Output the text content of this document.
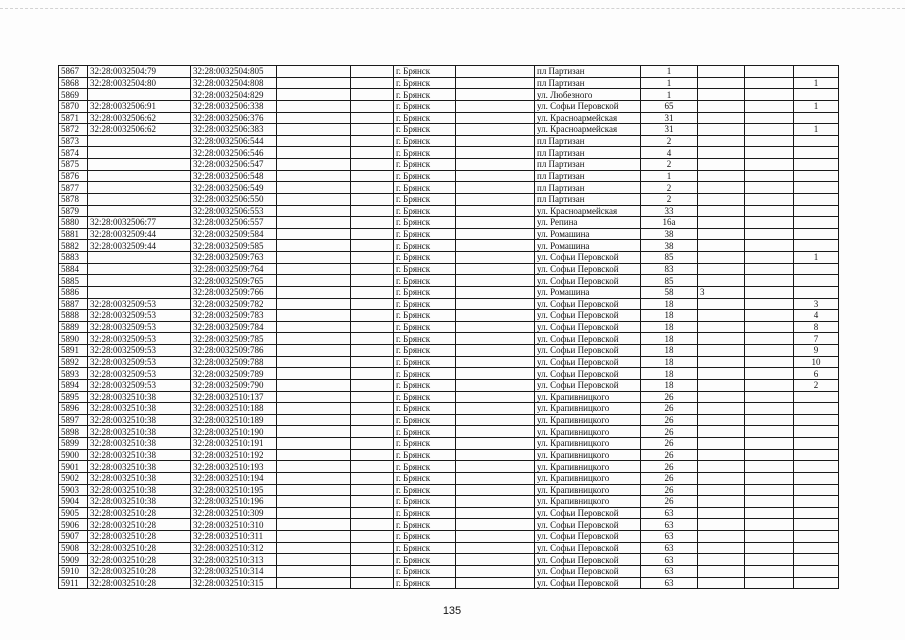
5867	32:28:0032504:79	32:28:0032504:805			г. Брянск		пл Партизан	1			
5868	32:28:0032504:80	32:28:0032504:808			г. Брянск		пл Партизан	1			1
5869		32:28:0032504:829			г. Брянск		ул. Любезного	1			
5870	32:28:0032506:91	32:28:0032506:338			г. Брянск		ул. Софьи Перовской	65			1
5871	32:28:0032506:62	32:28:0032506:376			г. Брянск		ул. Красноармейская	31			
5872	32:28:0032506:62	32:28:0032506:383			г. Брянск		ул. Красноармейская	31			1
5873		32:28:0032506:544			г. Брянск		пл Партизан	2			
5874		32:28:0032506:546			г. Брянск		пл Партизан	4			
5875		32:28:0032506:547			г. Брянск		пл Партизан	2			
5876		32:28:0032506:548			г. Брянск		пл Партизан	1			
5877		32:28:0032506:549			г. Брянск		пл Партизан	2			
5878		32:28:0032506:550			г. Брянск		пл Партизан	2			
5879		32:28:0032506:553			г. Брянск		ул. Красноармейская	33			
5880	32:28:0032506:77	32:28:0032506:557			г. Брянск		ул. Репина	16а			
5881	32:28:0032509:44	32:28:0032509:584			г. Брянск		ул. Ромашина	38			
5882	32:28:0032509:44	32:28:0032509:585			г. Брянск		ул. Ромашина	38			
5883		32:28:0032509:763			г. Брянск		ул. Софьи Перовской	85			1
5884		32:28:0032509:764			г. Брянск		ул. Софьи Перовской	83			
5885		32:28:0032509:765			г. Брянск		ул. Софьи Перовской	85			
5886		32:28:0032509:766			г. Брянск		ул. Ромашина	58	3		
5887	32:28:0032509:53	32:28:0032509:782			г. Брянск		ул. Софьи Перовской	18			3
5888	32:28:0032509:53	32:28:0032509:783			г. Брянск		ул. Софьи Перовской	18			4
5889	32:28:0032509:53	32:28:0032509:784			г. Брянск		ул. Софьи Перовской	18			8
5890	32:28:0032509:53	32:28:0032509:785			г. Брянск		ул. Софьи Перовской	18			7
5891	32:28:0032509:53	32:28:0032509:786			г. Брянск		ул. Софьи Перовской	18			9
5892	32:28:0032509:53	32:28:0032509:788			г. Брянск		ул. Софьи Перовской	18			10
5893	32:28:0032509:53	32:28:0032509:789			г. Брянск		ул. Софьи Перовской	18			6
5894	32:28:0032509:53	32:28:0032509:790			г. Брянск		ул. Софьи Перовской	18			2
5895	32:28:0032510:38	32:28:0032510:137			г. Брянск		ул. Крапивницкого	26			
5896	32:28:0032510:38	32:28:0032510:188			г. Брянск		ул. Крапивницкого	26			
5897	32:28:0032510:38	32:28:0032510:189			г. Брянск		ул. Крапивницкого	26			
5898	32:28:0032510:38	32:28:0032510:190			г. Брянск		ул. Крапивницкого	26			
5899	32:28:0032510:38	32:28:0032510:191			г. Брянск		ул. Крапивницкого	26			
5900	32:28:0032510:38	32:28:0032510:192			г. Брянск		ул. Крапивницкого	26			
5901	32:28:0032510:38	32:28:0032510:193			г. Брянск		ул. Крапивницкого	26			
5902	32:28:0032510:38	32:28:0032510:194			г. Брянск		ул. Крапивницкого	26			
5903	32:28:0032510:38	32:28:0032510:195			г. Брянск		ул. Крапивницкого	26			
5904	32:28:0032510:38	32:28:0032510:196			г. Брянск		ул. Крапивницкого	26			
5905	32:28:0032510:28	32:28:0032510:309			г. Брянск		ул. Софьи Перовской	63			
5906	32:28:0032510:28	32:28:0032510:310			г. Брянск		ул. Софьи Перовской	63			
5907	32:28:0032510:28	32:28:0032510:311			г. Брянск		ул. Софьи Перовской	63			
5908	32:28:0032510:28	32:28:0032510:312			г. Брянск		ул. Софьи Перовской	63			
5909	32:28:0032510:28	32:28:0032510:313			г. Брянск		ул. Софьи Перовской	63			
5910	32:28:0032510:28	32:28:0032510:314			г. Брянск		ул. Софьи Перовской	63			
5911	32:28:0032510:28	32:28:0032510:315			г. Брянск		ул. Софьи Перовской	63			
135
